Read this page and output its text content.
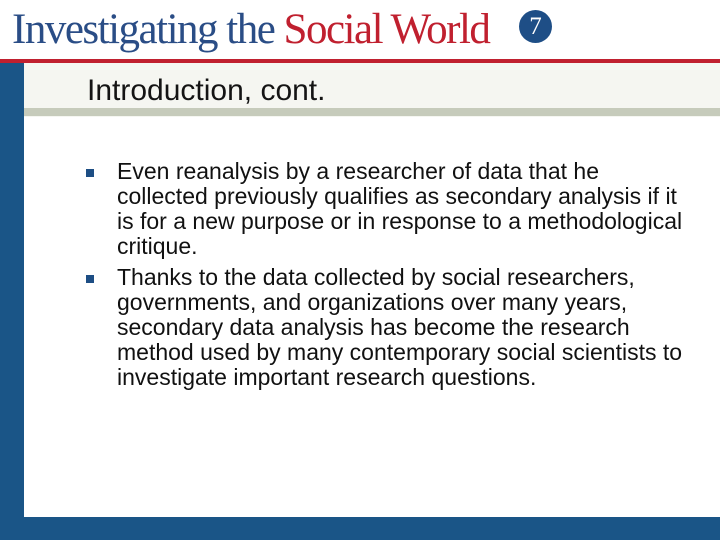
Investigating the Social World	7
Introduction, cont.
Even reanalysis by a researcher of data that he collected previously qualifies as secondary analysis if it is for a new purpose or in response to a methodological critique.
Thanks to the data collected by social researchers, governments, and organizations over many years, secondary data analysis has become the research method used by many contemporary social scientists to investigate important research questions.
